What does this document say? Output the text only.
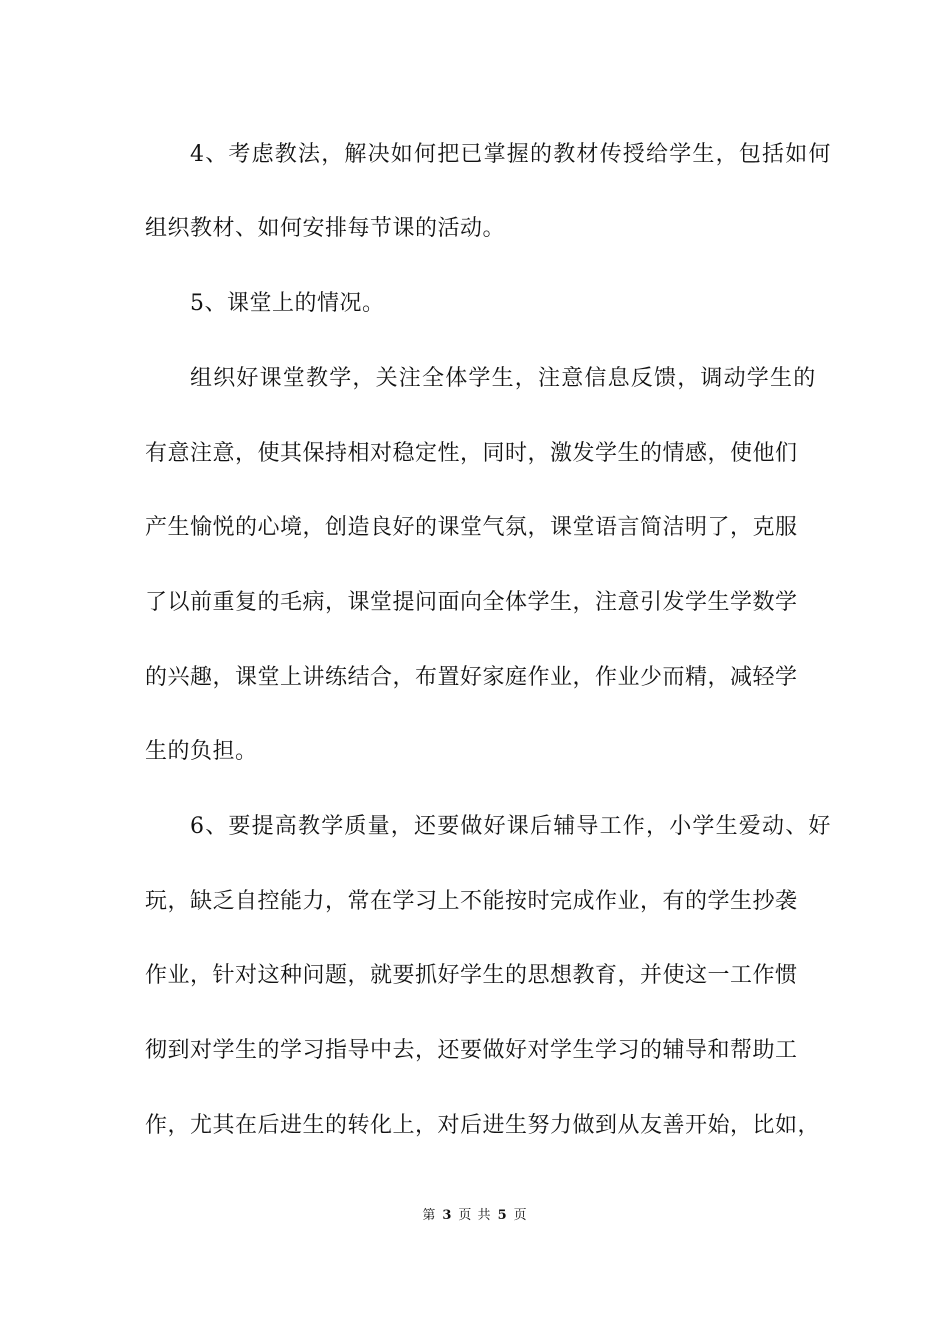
4、考虑教法，解决如何把已掌握的教材传授给学生，包括如何
组织教材、如何安排每节课的活动。
5、课堂上的情况。
组织好课堂教学，关注全体学生，注意信息反馈，调动学生的
有意注意，使其保持相对稳定性，同时，激发学生的情感，使他们
产生愉悦的心境，创造良好的课堂气氛，课堂语言简洁明了，克服
了以前重复的毛病，课堂提问面向全体学生，注意引发学生学数学
的兴趣，课堂上讲练结合，布置好家庭作业，作业少而精，减轻学
生的负担。
6、要提高教学质量，还要做好课后辅导工作，小学生爱动、好
玩，缺乏自控能力，常在学习上不能按时完成作业，有的学生抄袭
作业，针对这种问题，就要抓好学生的思想教育，并使这一工作惯
彻到对学生的学习指导中去，还要做好对学生学习的辅导和帮助工
作，尤其在后进生的转化上，对后进生努力做到从友善开始，比如，
第 3 页 共 5 页
